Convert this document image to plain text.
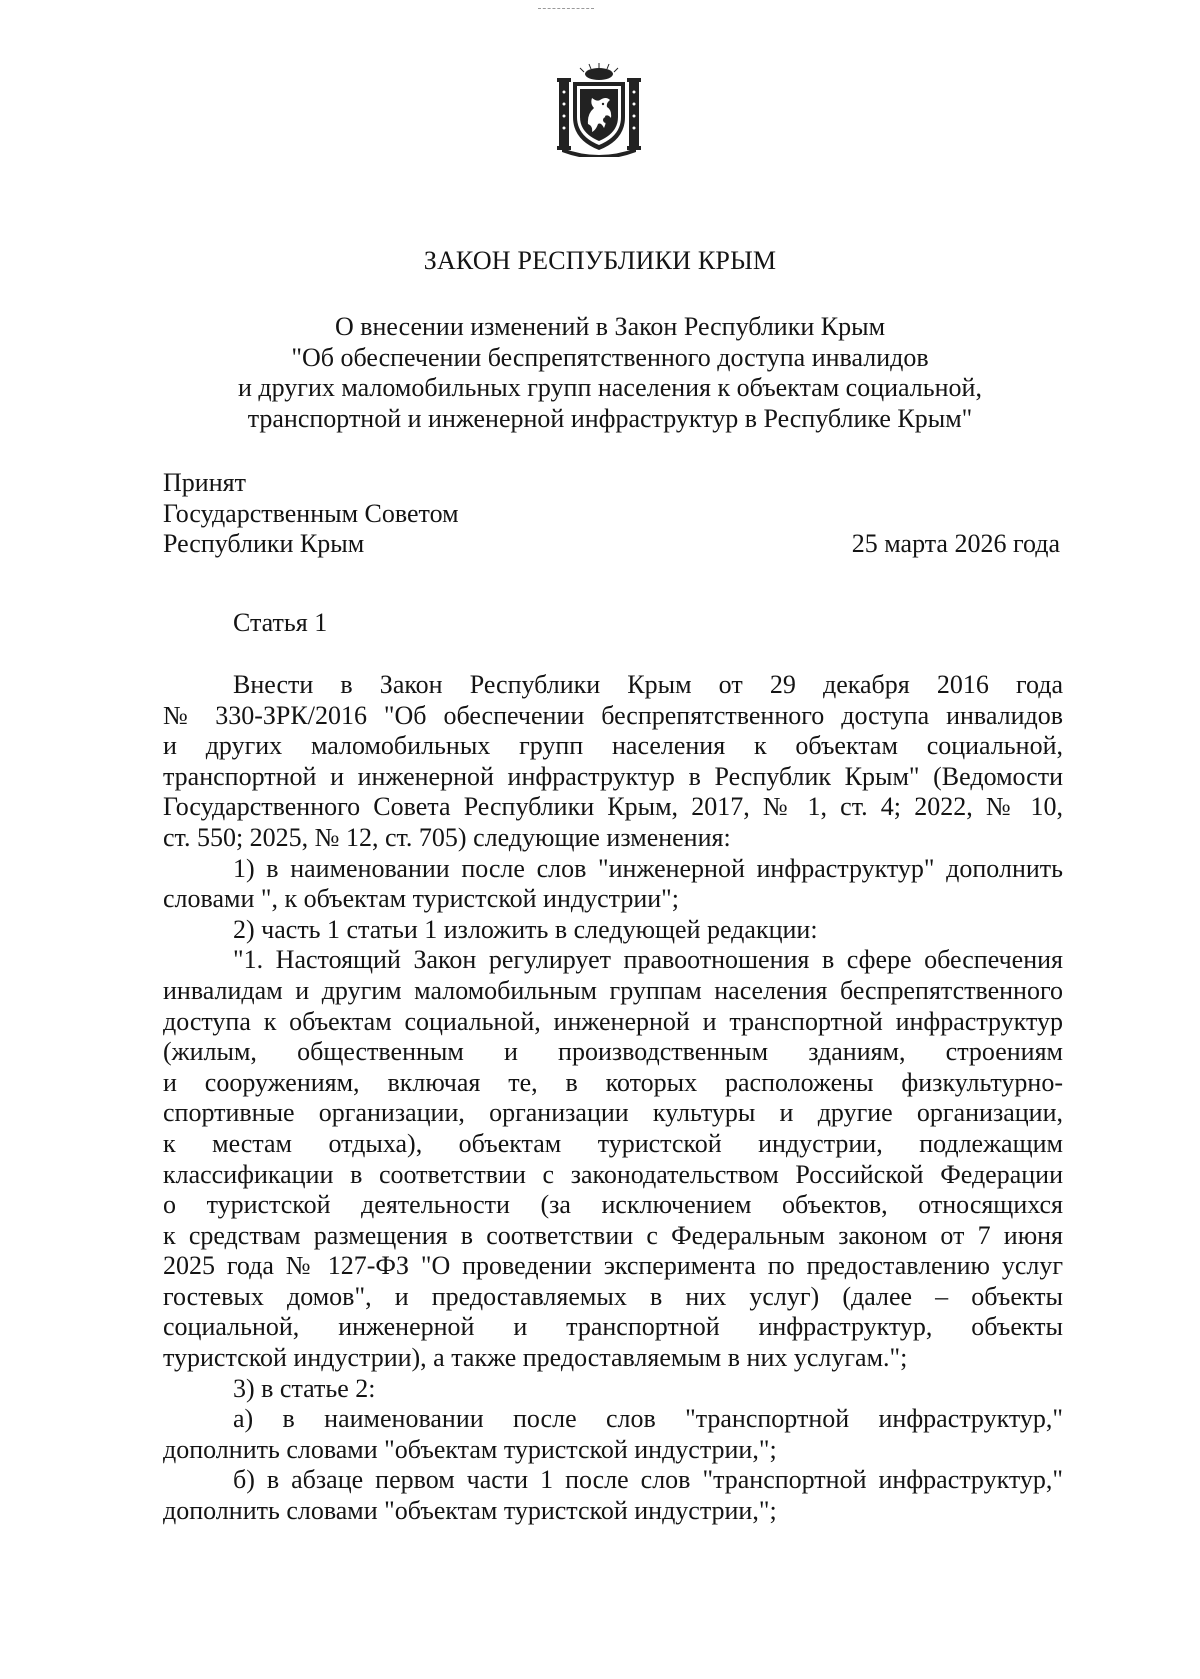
ЗАКОН РЕСПУБЛИКИ КРЫМ
О внесении изменений в Закон Республики Крым
"Об обеспечении беспрепятственного доступа инвалидов
и других маломобильных групп населения к объектам социальной,
транспортной и инженерной инфраструктур в Республике Крым"
Принят
Государственным Советом
Республики Крым	25 марта 2026 года
Статья 1
Внести в Закон Республики Крым от 29 декабря 2016 года
№ 330-ЗРК/2016 "Об обеспечении беспрепятственного доступа инвалидов
и других маломобильных групп населения к объектам социальной,
транспортной и инженерной инфраструктур в Республик Крым" (Ведомости
Государственного Совета Республики Крым, 2017, № 1, ст. 4; 2022, № 10,
ст. 550; 2025, № 12, ст. 705) следующие изменения:
1) в наименовании после слов "инженерной инфраструктур" дополнить
словами ", к объектам туристской индустрии";
2) часть 1 статьи 1 изложить в следующей редакции:
"1. Настоящий Закон регулирует правоотношения в сфере обеспечения
инвалидам и другим маломобильным группам населения беспрепятственного
доступа к объектам социальной, инженерной и транспортной инфраструктур
(жилым, общественным и производственным зданиям, строениям
и сооружениям, включая те, в которых расположены физкультурно-
спортивные организации, организации культуры и другие организации,
к местам отдыха), объектам туристской индустрии, подлежащим
классификации в соответствии с законодательством Российской Федерации
о туристской деятельности (за исключением объектов, относящихся
к средствам размещения в соответствии с Федеральным законом от 7 июня
2025 года № 127-ФЗ "О проведении эксперимента по предоставлению услуг
гостевых домов", и предоставляемых в них услуг) (далее – объекты
социальной, инженерной и транспортной инфраструктур, объекты
туристской индустрии), а также предоставляемым в них услугам.";
3) в статье 2:
а) в наименовании после слов "транспортной инфраструктур,"
дополнить словами "объектам туристской индустрии,";
б) в абзаце первом части 1 после слов "транспортной инфраструктур,"
дополнить словами "объектам туристской индустрии,";
